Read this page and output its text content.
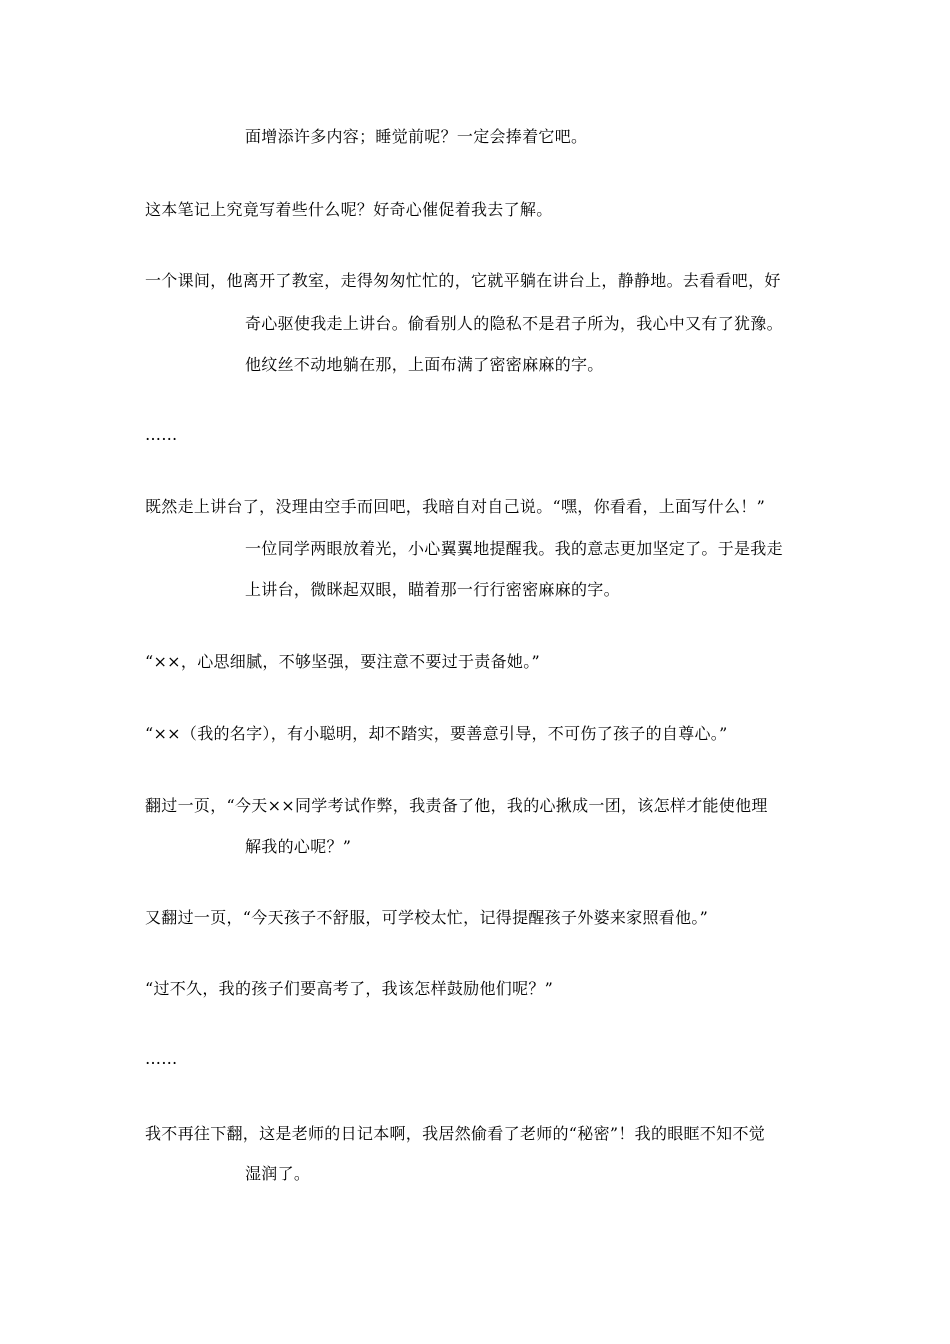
面增添许多内容；睡觉前呢？一定会捧着它吧。
这本笔记上究竟写着些什么呢？好奇心催促着我去了解。
一个课间，他离开了教室，走得匆匆忙忙的，它就平躺在讲台上，静静地。去看看吧，好
奇心驱使我走上讲台。偷看别人的隐私不是君子所为，我心中又有了犹豫。
他纹丝不动地躺在那，上面布满了密密麻麻的字。
……
既然走上讲台了，没理由空手而回吧，我暗自对自己说。“嘿，你看看，上面写什么！”
一位同学两眼放着光，小心翼翼地提醒我。我的意志更加坚定了。于是我走
上讲台，微眯起双眼，瞄着那一行行密密麻麻的字。
“××，心思细腻，不够坚强，要注意不要过于责备她。”
“××（我的名字），有小聪明，却不踏实，要善意引导，不可伤了孩子的自尊心。”
翻过一页，“今天××同学考试作弊，我责备了他，我的心揪成一团，该怎样才能使他理
解我的心呢？”
又翻过一页，“今天孩子不舒服，可学校太忙，记得提醒孩子外婆来家照看他。”
“过不久，我的孩子们要高考了，我该怎样鼓励他们呢？”
……
我不再往下翻，这是老师的日记本啊，我居然偷看了老师的“秘密”！我的眼眶不知不觉
湿润了。
